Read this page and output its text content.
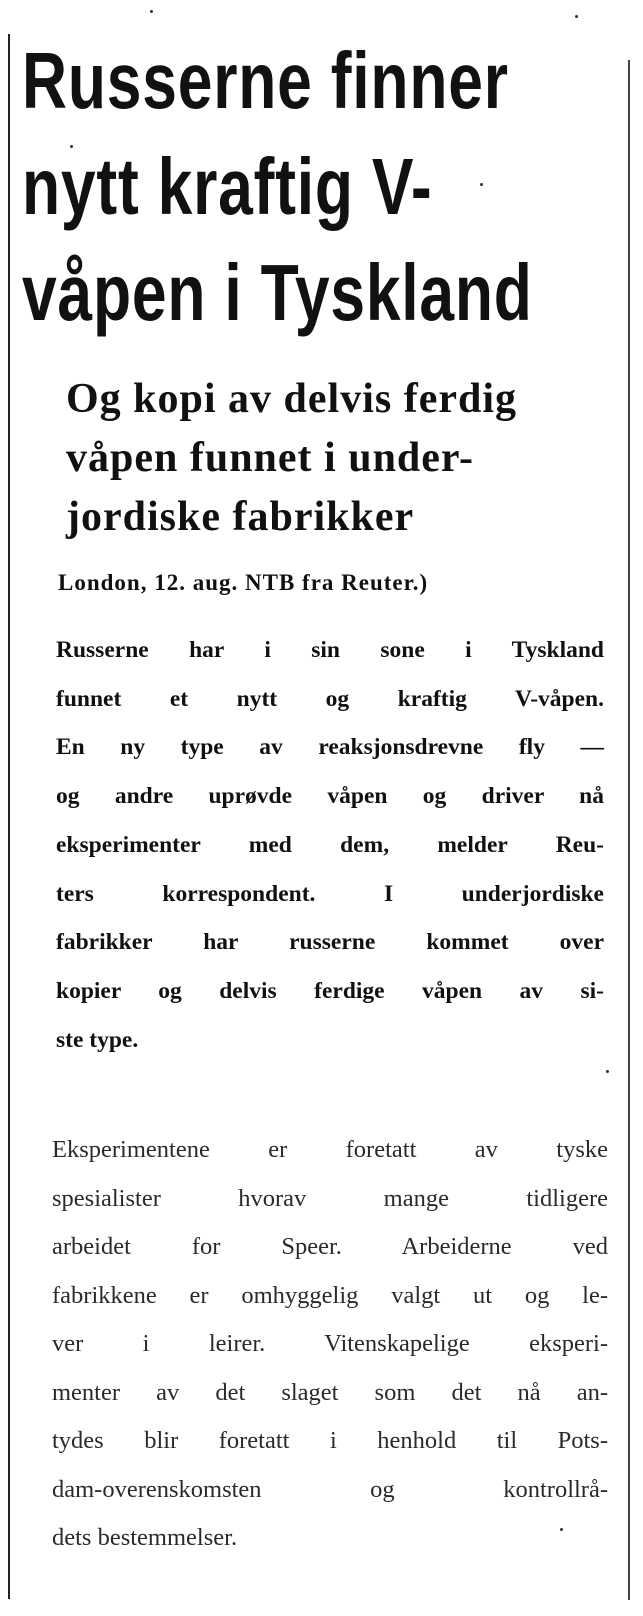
Russerne finner
nytt kraftig V-
våpen i Tyskland
Og kopi av delvis ferdig
våpen funnet i under-
jordiske fabrikker
London, 12. aug. NTB fra Reuter.)
Russerne har i sin sone i Tyskland
funnet et nytt og kraftig V-våpen.
En ny type av reaksjonsdrevne fly —
og andre uprøvde våpen og driver nå
eksperimenter med dem, melder Reu-
ters korrespondent. I underjordiske
fabrikker har russerne kommet over
kopier og delvis ferdige våpen av si-
ste type.
Eksperimentene er foretatt av tyske
spesialister hvorav mange tidligere
arbeidet for Speer. Arbeiderne ved
fabrikkene er omhyggelig valgt ut og le-
ver i leirer. Vitenskapelige eksperi-
menter av det slaget som det nå an-
tydes blir foretatt i henhold til Pots-
dam-overenskomsten og kontrollrå-
dets bestemmelser.
